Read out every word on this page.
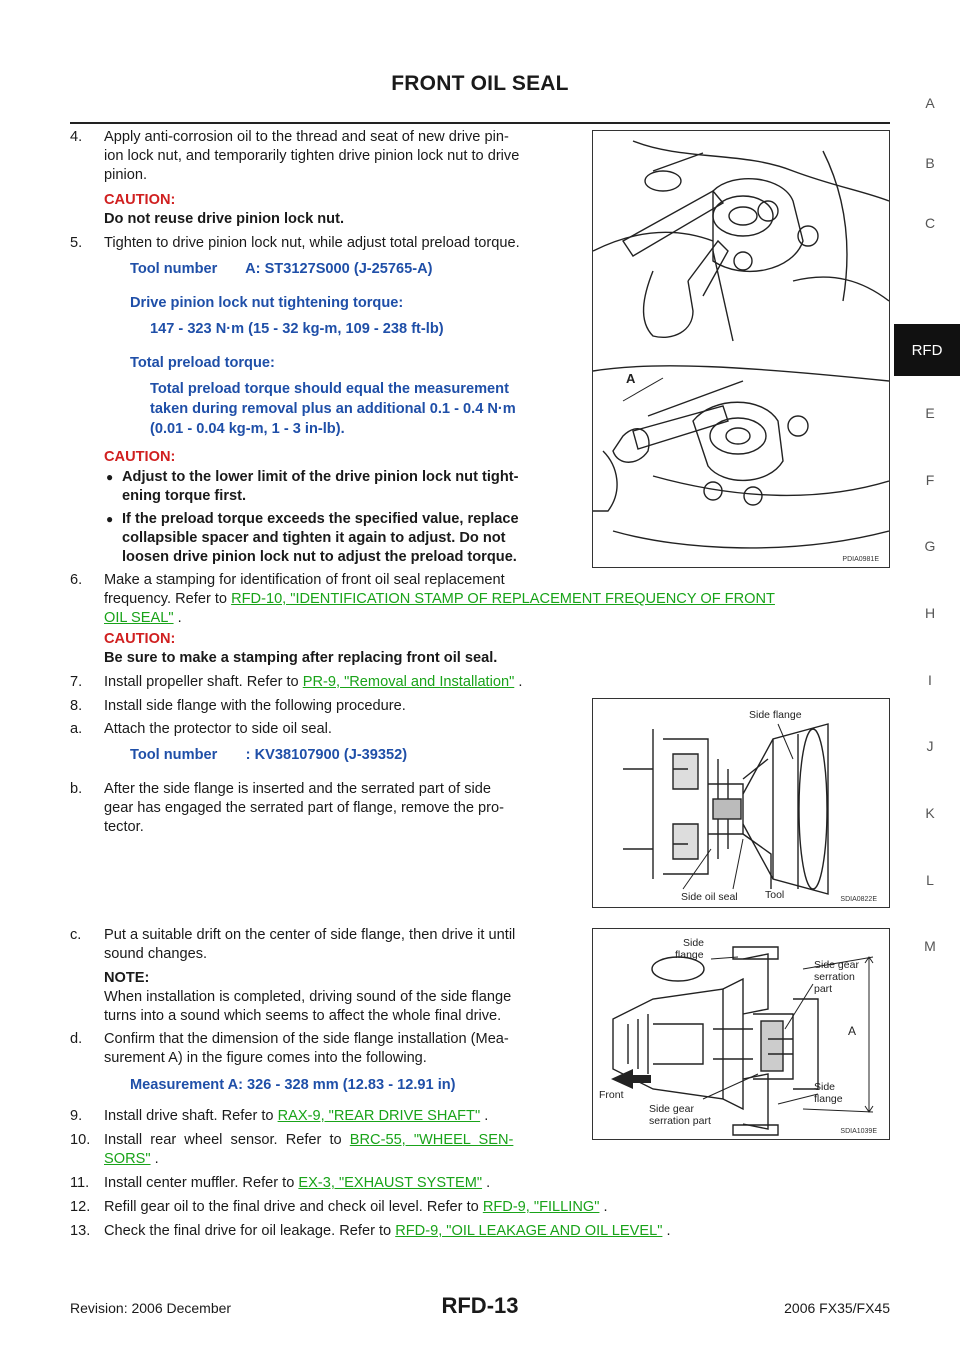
FRONT OIL SEAL
A
B
C
RFD
E
F
G
H
I
J
K
L
M
4. Apply anti-corrosion oil to the thread and seat of new drive pin-
ion lock nut, and temporarily tighten drive pinion lock nut to drive
pinion.
CAUTION:
Do not reuse drive pinion lock nut.
5. Tighten to drive pinion lock nut, while adjust total preload torque.
Tool number       A: ST3127S000 (J-25765-A)
Drive pinion lock nut tightening torque:
147 - 323 N·m (15 - 32 kg-m, 109 - 238 ft-lb)
Total preload torque:
Total preload torque should equal the measurement
taken during removal plus an additional 0.1 - 0.4 N·m
(0.01 - 0.04 kg-m, 1 - 3 in-lb).
CAUTION:
● Adjust to the lower limit of the drive pinion lock nut tight-
ening torque first.
● If the preload torque exceeds the specified value, replace
collapsible spacer and tighten it again to adjust. Do not
loosen drive pinion lock nut to adjust the preload torque.
A
PDIA0981E
6. Make a stamping for identification of front oil seal replacement
frequency. Refer to RFD-10, "IDENTIFICATION STAMP OF REPLACEMENT FREQUENCY OF FRONT
OIL SEAL" .
CAUTION:
Be sure to make a stamping after replacing front oil seal.
7. Install propeller shaft. Refer to PR-9, "Removal and Installation" .
8. Install side flange with the following procedure.
a. Attach the protector to side oil seal.
Tool number       : KV38107900 (J-39352)
b. After the side flange is inserted and the serrated part of side
gear has engaged the serrated part of flange, remove the pro-
tector.
Side flange
Side oil seal	Tool	SDIA0822E
c. Put a suitable drift on the center of side flange, then drive it until
sound changes.
NOTE:
When installation is completed, driving sound of the side flange
turns into a sound which seems to affect the whole final drive.
d. Confirm that the dimension of the side flange installation (Mea-
surement A) in the figure comes into the following.
Measurement A: 326 - 328 mm (12.83 - 12.91 in)
Side
flange
Side gear
serration
part
A
Side
flange
Front
Side gear
serration part
SDIA1039E
9. Install drive shaft. Refer to RAX-9, "REAR DRIVE SHAFT" .
10. Install  rear  wheel  sensor.  Refer  to  BRC-55,  "WHEEL  SEN-
SORS" .
11. Install center muffler. Refer to EX-3, "EXHAUST SYSTEM" .
12. Refill gear oil to the final drive and check oil level. Refer to RFD-9, "FILLING" .
13. Check the final drive for oil leakage. Refer to RFD-9, "OIL LEAKAGE AND OIL LEVEL" .
Revision: 2006 December	RFD-13	2006 FX35/FX45
